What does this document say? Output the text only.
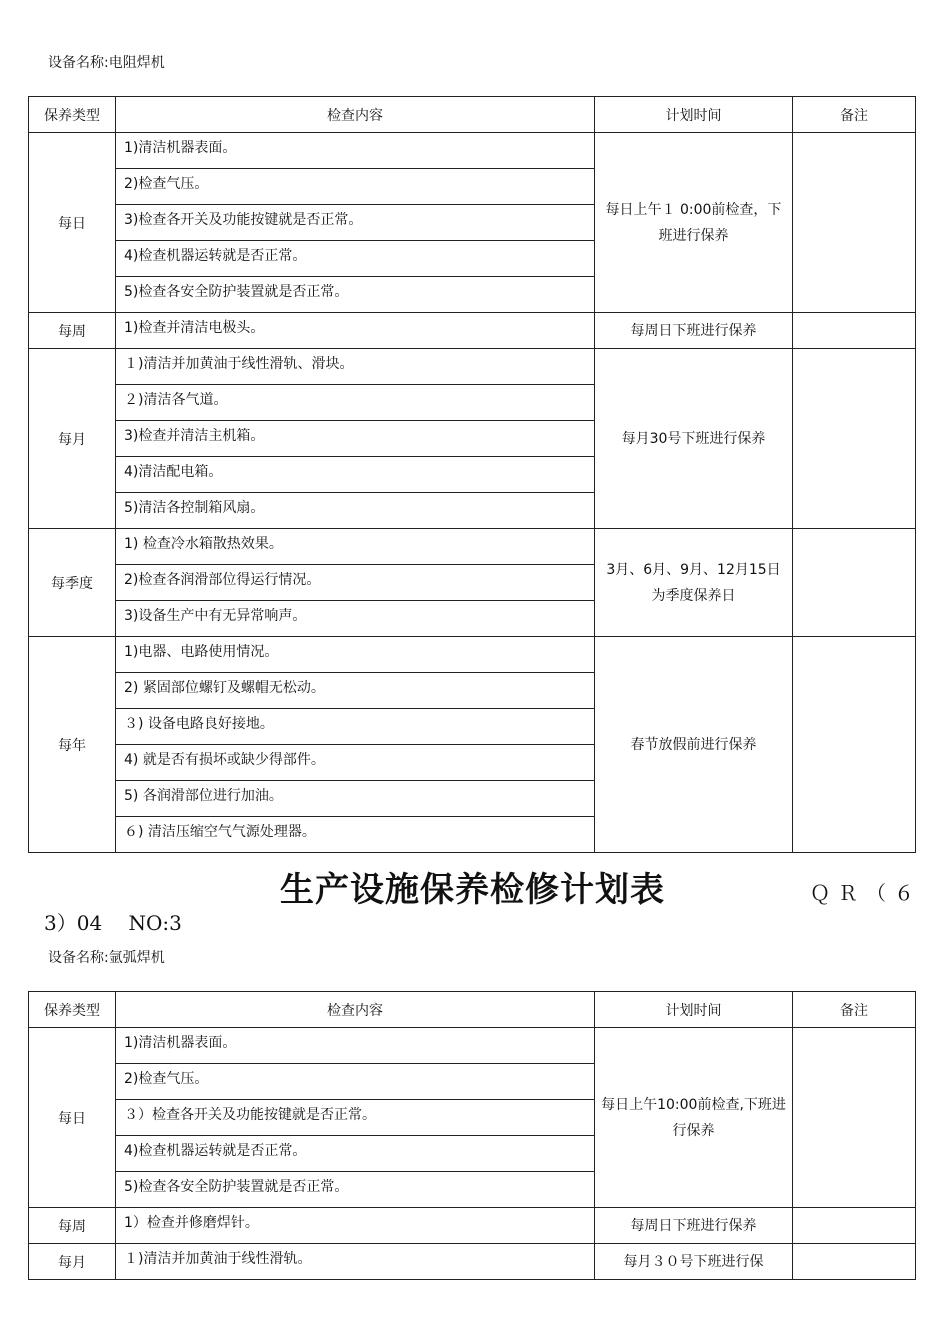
设备名称:电阻焊机
保养类型	检查内容	计划时间	备注
每日	1)清洁机器表面。	每日上午１ 0:00前检查，下班进行保养	
	2)检查气压。		
	3)检查各开关及功能按键就是否正常。		
	4)检查机器运转就是否正常。		
	5)检查各安全防护装置就是否正常。		
每周	1)检查并清洁电极头。	每周日下班进行保养	
每月	１)清洁并加黄油于线性滑轨、滑块。	每月30号下班进行保养	
	２)清洁各气道。		
	3)检查并清洁主机箱。		
	4)清洁配电箱。		
	5)清洁各控制箱风扇。		
每季度	1) 检查冷水箱散热效果。	3月、6月、9月、12月15日为季度保养日	
	2)检查各润滑部位得运行情况。		
	3)设备生产中有无异常响声。		
每年	1)电器、电路使用情况。	春节放假前进行保养	
	2) 紧固部位螺钉及螺帽无松动。		
	３) 设备电路良好接地。		
	4) 就是否有损坏或缺少得部件。		
	5) 各润滑部位进行加油。		
	６) 清洁压缩空气气源处理器。		
生产设施保养检修计划表	ＱＲ（６
3）04　 NO:3
设备名称:氩弧焊机
保养类型	检查内容	计划时间	备注
每日	1)清洁机器表面。	每日上午10:00前检查,下班进行保养	
	2)检查气压。		
	３）检查各开关及功能按键就是否正常。		
	4)检查机器运转就是否正常。		
	5)检查各安全防护装置就是否正常。		
每周	1）检查并修磨焊针。	每周日下班进行保养	
每月	１)清洁并加黄油于线性滑轨。	每月３０号下班进行保	
